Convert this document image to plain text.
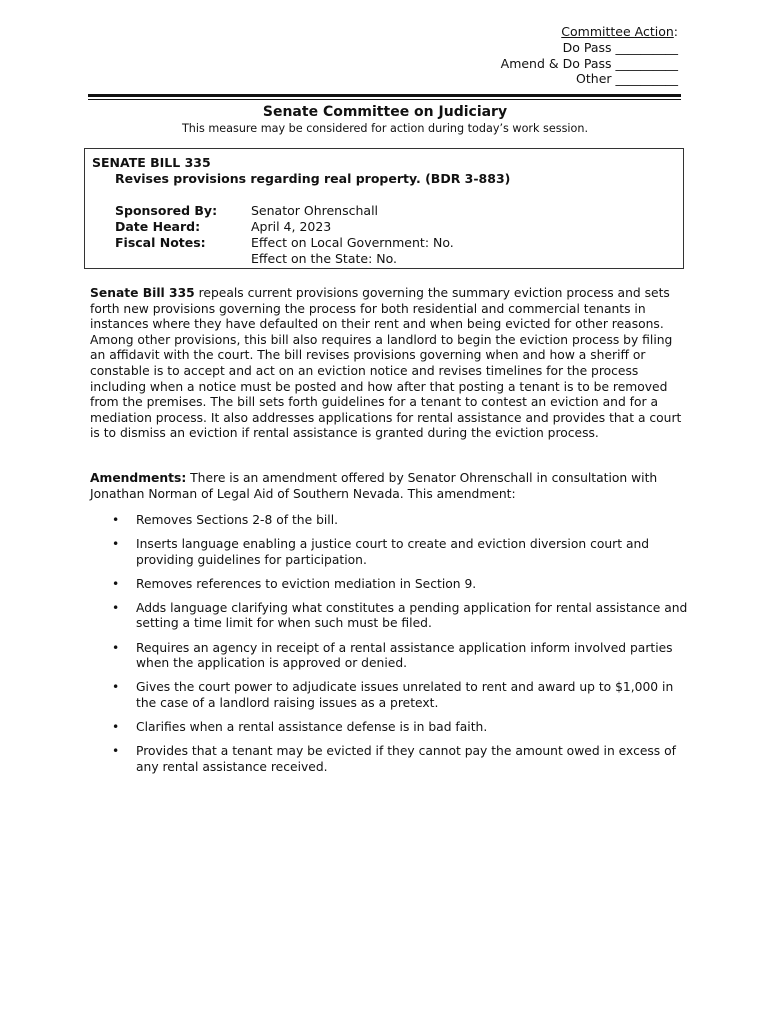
Committee Action:
Do Pass __________
Amend & Do Pass __________
Other __________
Senate Committee on Judiciary
This measure may be considered for action during today’s work session.
SENATE BILL 335
Revises provisions regarding real property. (BDR 3-883)
Sponsored By:	Senator Ohrenschall
Date Heard:	April 4, 2023
Fiscal Notes:	Effect on Local Government: No.
Effect on the State: No.

Senate Bill 335 repeals current provisions governing the summary eviction process and sets forth new provisions governing the process for both residential and commercial tenants in instances where they have defaulted on their rent and when being evicted for other reasons. Among other provisions, this bill also requires a landlord to begin the eviction process by filing an affidavit with the court. The bill revises provisions governing when and how a sheriff or constable is to accept and act on an eviction notice and revises timelines for the process including when a notice must be posted and how after that posting a tenant is to be removed from the premises. The bill sets forth guidelines for a tenant to contest an eviction and for a mediation process. It also addresses applications for rental assistance and provides that a court is to dismiss an eviction if rental assistance is granted during the eviction process.

Amendments: There is an amendment offered by Senator Ohrenschall in consultation with Jonathan Norman of Legal Aid of Southern Nevada. This amendment:

• Removes Sections 2-8 of the bill.
• Inserts language enabling a justice court to create and eviction diversion court and providing guidelines for participation.
• Removes references to eviction mediation in Section 9.
• Adds language clarifying what constitutes a pending application for rental assistance and setting a time limit for when such must be filed.
• Requires an agency in receipt of a rental assistance application inform involved parties when the application is approved or denied.
• Gives the court power to adjudicate issues unrelated to rent and award up to $1,000 in the case of a landlord raising issues as a pretext.
• Clarifies when a rental assistance defense is in bad faith.
• Provides that a tenant may be evicted if they cannot pay the amount owed in excess of any rental assistance received.
